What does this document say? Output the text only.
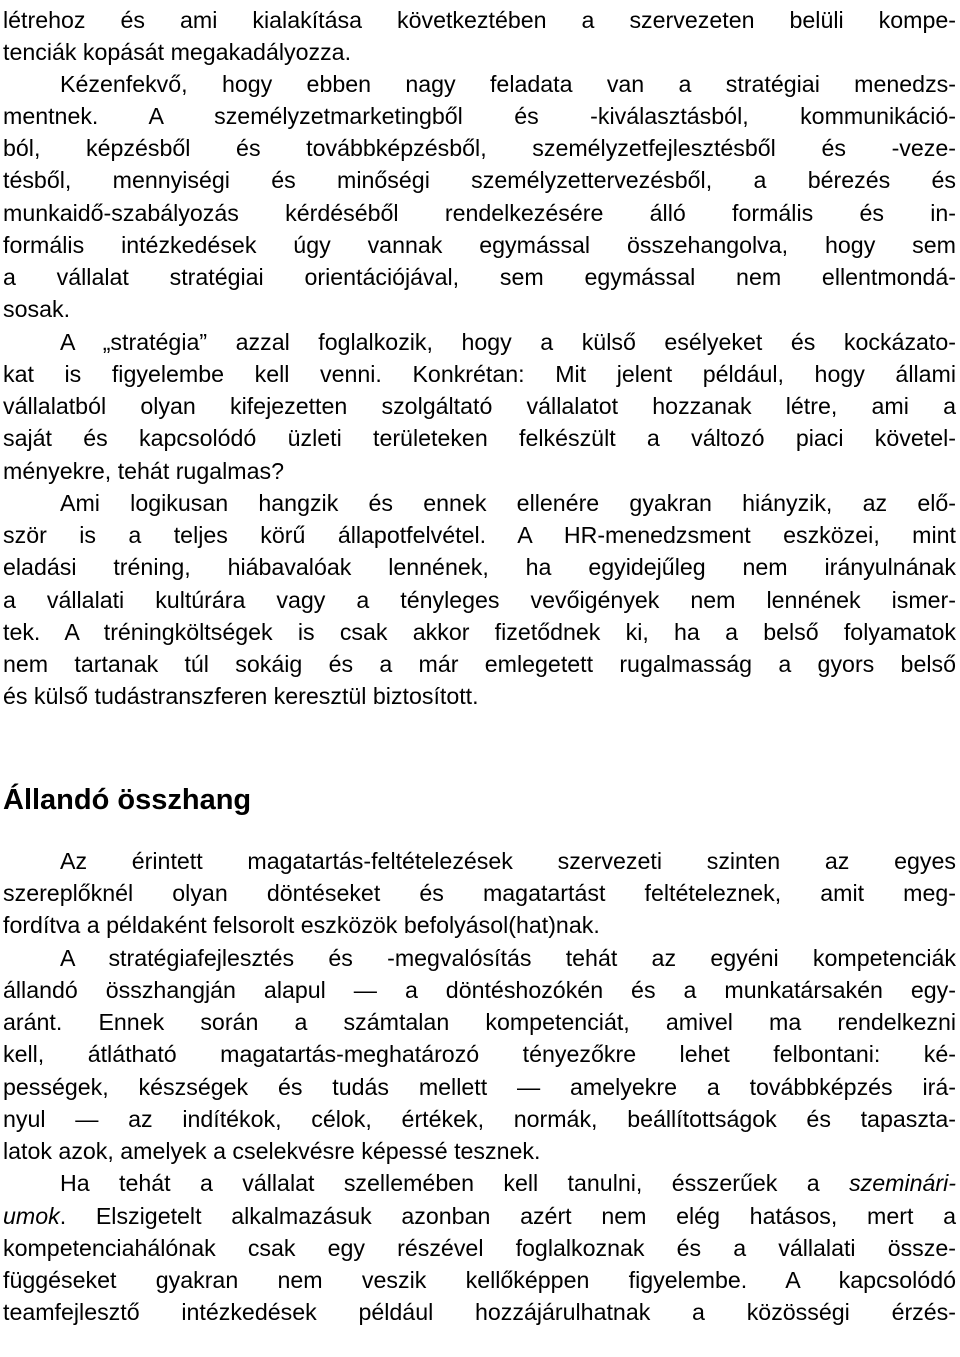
létrehoz és ami kialakítása következtében a szervezeten belüli kompe-
tenciák kopását megakadályozza.
Kézenfekvő, hogy ebben nagy feladata van a stratégiai menedzs-
mentnek. A személyzetmarketingből és -kiválasztásból, kommunikáció-
ból, képzésből és továbbképzésből, személyzetfejlesztésből és -veze-
tésből, mennyiségi és minőségi személyzettervezésből, a bérezés és
munkaidő-szabályozás kérdéséből rendelkezésére álló formális és in-
formális intézkedések úgy vannak egymással összehangolva, hogy sem
a vállalat stratégiai orientációjával, sem egymással nem ellentmondá-
sosak.
A „stratégia” azzal foglalkozik, hogy a külső esélyeket és kockázato-
kat is figyelembe kell venni. Konkrétan: Mit jelent például, hogy állami
vállalatból olyan kifejezetten szolgáltató vállalatot hozzanak létre, ami a
saját és kapcsolódó üzleti területeken felkészült a változó piaci követel-
ményekre, tehát rugalmas?
Ami logikusan hangzik és ennek ellenére gyakran hiányzik, az elő-
ször is a teljes körű állapotfelvétel. A HR-menedzsment eszközei, mint
eladási tréning, hiábavalóak lennének, ha egyidejűleg nem irányulnának
a vállalati kultúrára vagy a tényleges vevőigények nem lennének ismer-
tek. A tréningköltségek is csak akkor fizetődnek ki, ha a belső folyamatok
nem tartanak túl sokáig és a már emlegetett rugalmasság a gyors belső
és külső tudástranszferen keresztül biztosított.
Állandó összhang
Az érintett magatartás-feltételezések szervezeti szinten az egyes
szereplőknél olyan döntéseket és magatartást feltételeznek, amit meg-
fordítva a példaként felsorolt eszközök befolyásol(hat)nak.
A stratégiafejlesztés és -megvalósítás tehát az egyéni kompetenciák
állandó összhangján alapul — a döntéshozókén és a munkatársakén egy-
aránt. Ennek során a számtalan kompetenciát, amivel ma rendelkezni
kell, átlátható magatartás-meghatározó tényezőkre lehet felbontani: ké-
pességek, készségek és tudás mellett — amelyekre a továbbképzés irá-
nyul — az indítékok, célok, értékek, normák, beállítottságok és tapaszta-
latok azok, amelyek a cselekvésre képessé tesznek.
Ha tehát a vállalat szellemében kell tanulni, ésszerűek a szeminári-
umok. Elszigetelt alkalmazásuk azonban azért nem elég hatásos, mert a
kompetenciahálónak csak egy részével foglalkoznak és a vállalati össze-
függéseket gyakran nem veszik kellőképpen figyelembe. A kapcsolódó
teamfejlesztő intézkedések például hozzájárulhatnak a közösségi érzés-
